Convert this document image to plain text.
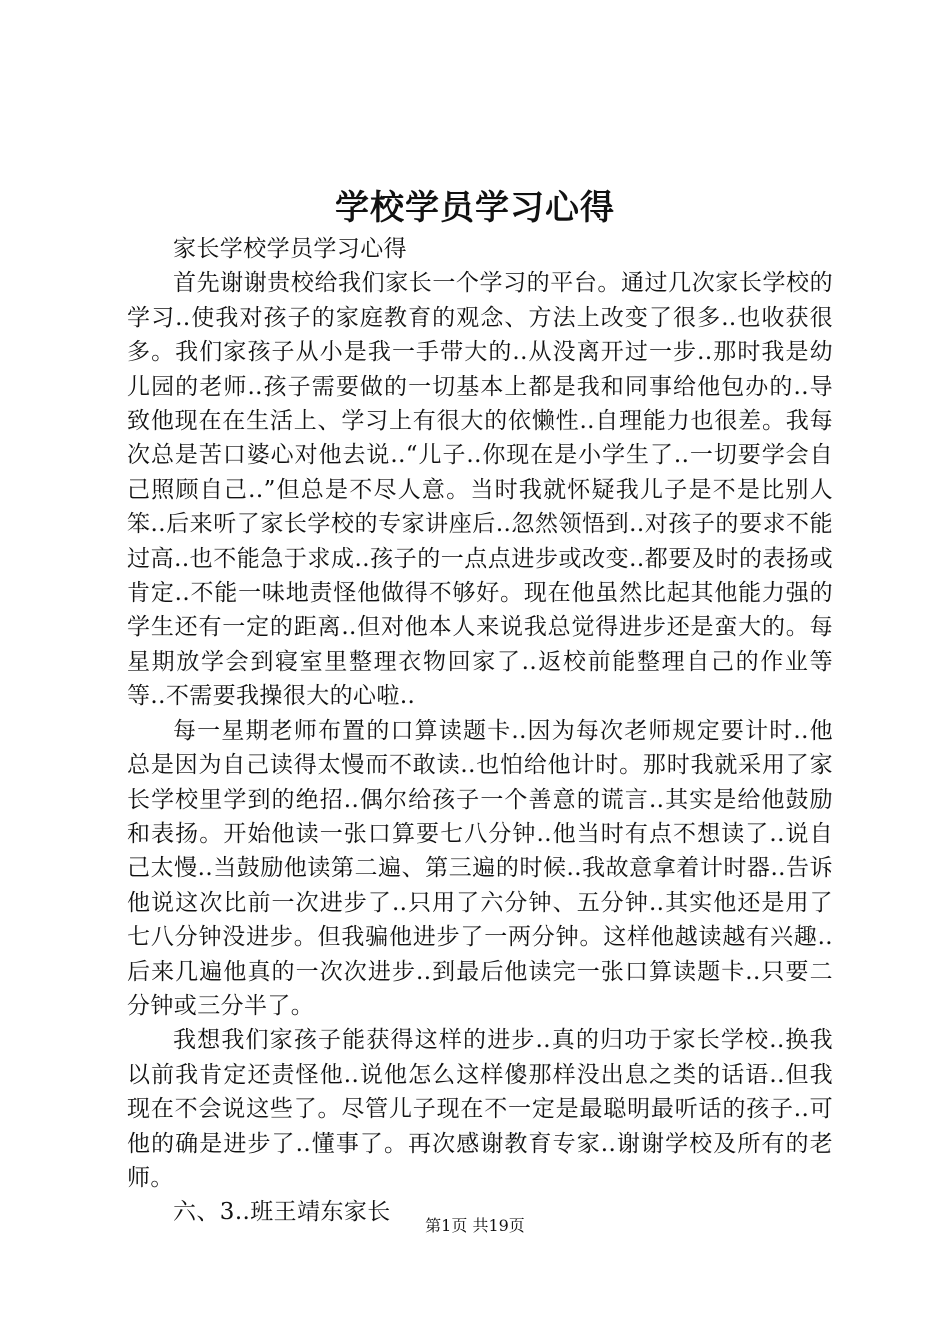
学校学员学习心得

家长学校学员学习心得

首先谢谢贵校给我们家长一个学习的平台。通过几次家长学校的学习..使我对孩子的家庭教育的观念、方法上改变了很多..也收获很多。我们家孩子从小是我一手带大的..从没离开过一步..那时我是幼儿园的老师..孩子需要做的一切基本上都是我和同事给他包办的..导致他现在在生活上、学习上有很大的依懒性..自理能力也很差。我每次总是苦口婆心对他去说..“儿子..你现在是小学生了..一切要学会自己照顾自己..”但总是不尽人意。当时我就怀疑我儿子是不是比别人笨..后来听了家长学校的专家讲座后..忽然领悟到..对孩子的要求不能过高..也不能急于求成..孩子的一点点进步或改变..都要及时的表扬或肯定..不能一味地责怪他做得不够好。现在他虽然比起其他能力强的学生还有一定的距离..但对他本人来说我总觉得进步还是蛮大的。每星期放学会到寝室里整理衣物回家了..返校前能整理自己的作业等等..不需要我操很大的心啦..

每一星期老师布置的口算读题卡..因为每次老师规定要计时..他总是因为自己读得太慢而不敢读..也怕给他计时。那时我就采用了家长学校里学到的绝招..偶尔给孩子一个善意的谎言..其实是给他鼓励和表扬。开始他读一张口算要七八分钟..他当时有点不想读了..说自己太慢..当鼓励他读第二遍、第三遍的时候..我故意拿着计时器..告诉他说这次比前一次进步了..只用了六分钟、五分钟..其实他还是用了七八分钟没进步。但我骗他进步了一两分钟。这样他越读越有兴趣..后来几遍他真的一次次进步..到最后他读完一张口算读题卡..只要二分钟或三分半了。

我想我们家孩子能获得这样的进步..真的归功于家长学校..换我以前我肯定还责怪他..说他怎么这样傻那样没出息之类的话语..但我现在不会说这些了。尽管儿子现在不一定是最聪明最听话的孩子..可他的确是进步了..懂事了。再次感谢教育专家..谢谢学校及所有的老师。

六、3..班王靖东家长

第1页 共19页
